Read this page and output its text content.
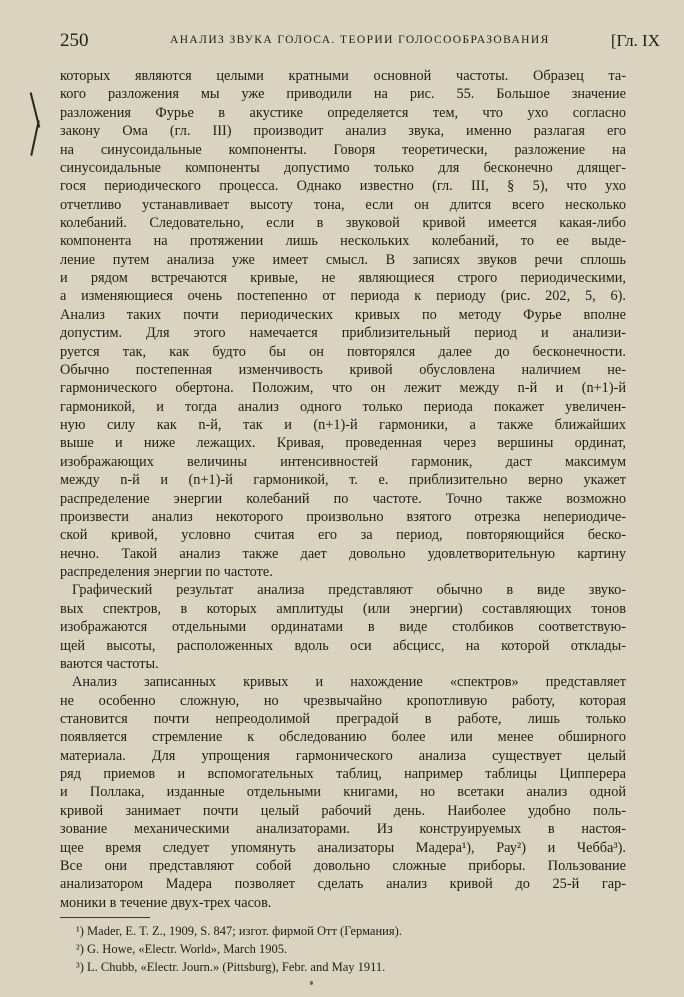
250	АНАЛИЗ ЗВУКА ГОЛОСА. ТЕОРИИ ГОЛОСООБРАЗОВАНИЯ	[Гл. IX
которых являются целыми кратными основной частоты. Образец та-
кого разложения мы уже приводили на рис. 55. Большое значение
разложения Фурье в акустике определяется тем, что ухо согласно
закону Ома (гл. III) производит анализ звука, именно разлагая его
на синусоидальные компоненты. Говоря теоретически, разложение на
синусоидальные компоненты допустимо только для бесконечно длящег-
гося периодического процесса. Однако известно (гл. III, § 5), что ухо
отчетливо устанавливает высоту тона, если он длится всего несколько
колебаний. Следовательно, если в звуковой кривой имеется какая-либо
компонента на протяжении лишь нескольких колебаний, то ее выде-
ление путем анализа уже имеет смысл. В записях звуков речи сплошь
и рядом встречаются кривые, не являющиеся строго периодическими,
а изменяющиеся очень постепенно от периода к периоду (рис. 202, 5, 6).
Анализ таких почти периодических кривых по методу Фурье вполне
допустим. Для этого намечается приблизительный период и анализи-
руется так, как будто бы он повторялся далее до бесконечности.
Обычно постепенная изменчивость кривой обусловлена наличием не-
гармонического обертона. Положим, что он лежит между n-й и (n+1)-й
гармоникой, и тогда анализ одного только периода покажет увеличен-
ную силу как n-й, так и (n+1)-й гармоники, а также ближайших
выше и ниже лежащих. Кривая, проведенная через вершины ординат,
изображающих величины интенсивностей гармоник, даст максимум
между n-й и (n+1)-й гармоникой, т. е. приблизительно верно укажет
распределение энергии колебаний по частоте. Точно также возможно
произвести анализ некоторого произвольно взятого отрезка непериодиче-
ской кривой, условно считая его за период, повторяющийся беско-
нечно. Такой анализ также дает довольно удовлетворительную картину
распределения энергии по частоте.
Графический результат анализа представляют обычно в виде звуко-
вых спектров, в которых амплитуды (или энергии) составляющих тонов
изображаются отдельными ординатами в виде столбиков соответствую-
щей высоты, расположенных вдоль оси абсцисс, на которой отклады-
ваются частоты.
Анализ записанных кривых и нахождение «спектров» представляет
не особенно сложную, но чрезвычайно кропотливую работу, которая
становится почти непреодолимой преградой в работе, лишь только
появляется стремление к обследованию более или менее обширного
материала. Для упрощения гармонического анализа существует целый
ряд приемов и вспомогательных таблиц, например таблицы Ципперера
и Поллака, изданные отдельными книгами, но всетаки анализ одной
кривой занимает почти целый рабочий день. Наиболее удобно поль-
зование механическими анализаторами. Из конструируемых в настоя-
щее время следует упомянуть анализаторы Мадера¹), Рау²) и Чебба³).
Все они представляют собой довольно сложные приборы. Пользование
анализатором Мадера позволяет сделать анализ кривой до 25-й гар-
моники в течение двух-трех часов.
¹) Mader, E. T. Z., 1909, S. 847; изгот. фирмой Отт (Германия).
²) G. Howe, «Electr. World», March 1905.
³) L. Chubb, «Electr. Journ.» (Pittsburg), Febr. and May 1911.
